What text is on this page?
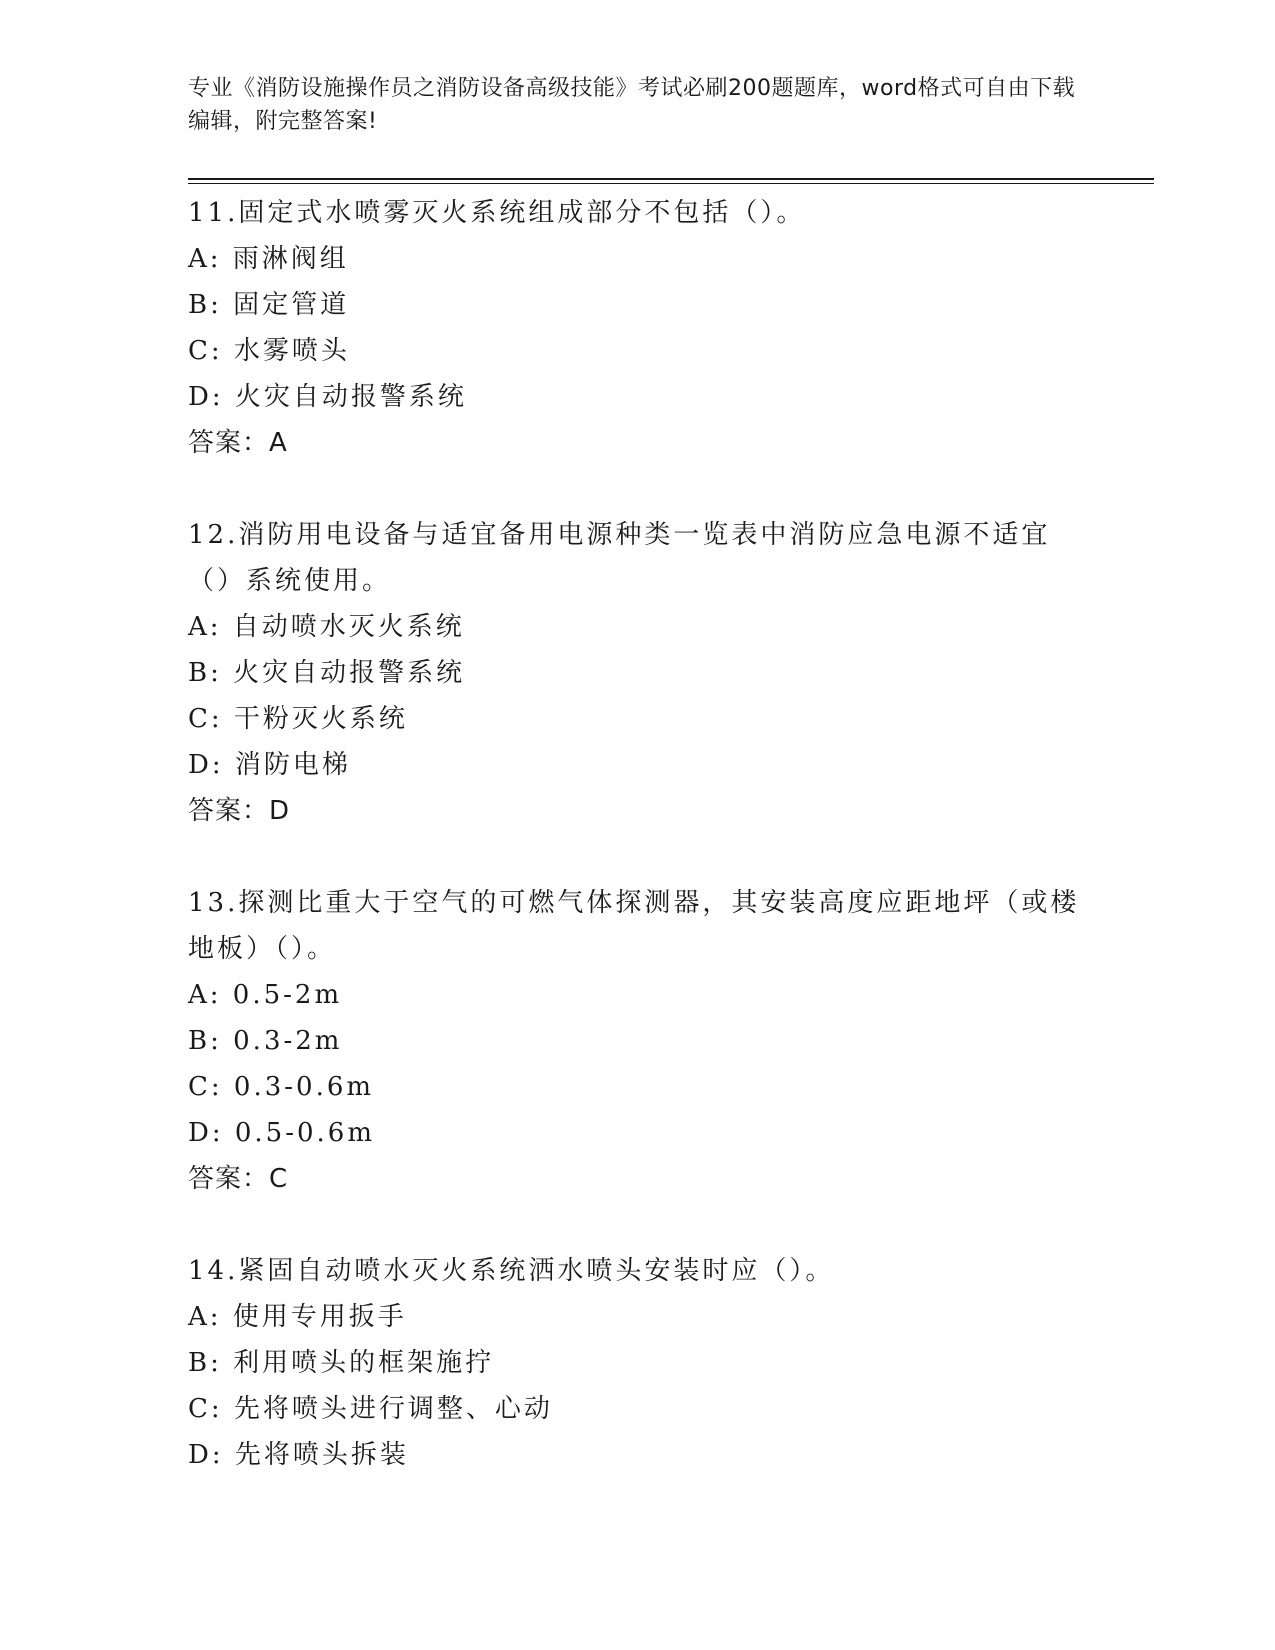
专业《消防设施操作员之消防设备高级技能》考试必刷200题题库，word格式可自由下载编辑，附完整答案!

11.固定式水喷雾灭火系统组成部分不包括（）。

A: 雨淋阀组

B: 固定管道

C: 水雾喷头

D: 火灾自动报警系统

答案：A

12.消防用电设备与适宜备用电源种类一览表中消防应急电源不适宜（）系统使用。

A: 自动喷水灭火系统

B: 火灾自动报警系统

C: 干粉灭火系统

D: 消防电梯

答案：D

13.探测比重大于空气的可燃气体探测器，其安装高度应距地坪（或楼地板）（）。

A: 0.5-2m

B: 0.3-2m

C: 0.3-0.6m

D: 0.5-0.6m

答案：C

14.紧固自动喷水灭火系统洒水喷头安装时应（）。

A: 使用专用扳手

B: 利用喷头的框架施拧

C: 先将喷头进行调整、心动

D: 先将喷头拆装
